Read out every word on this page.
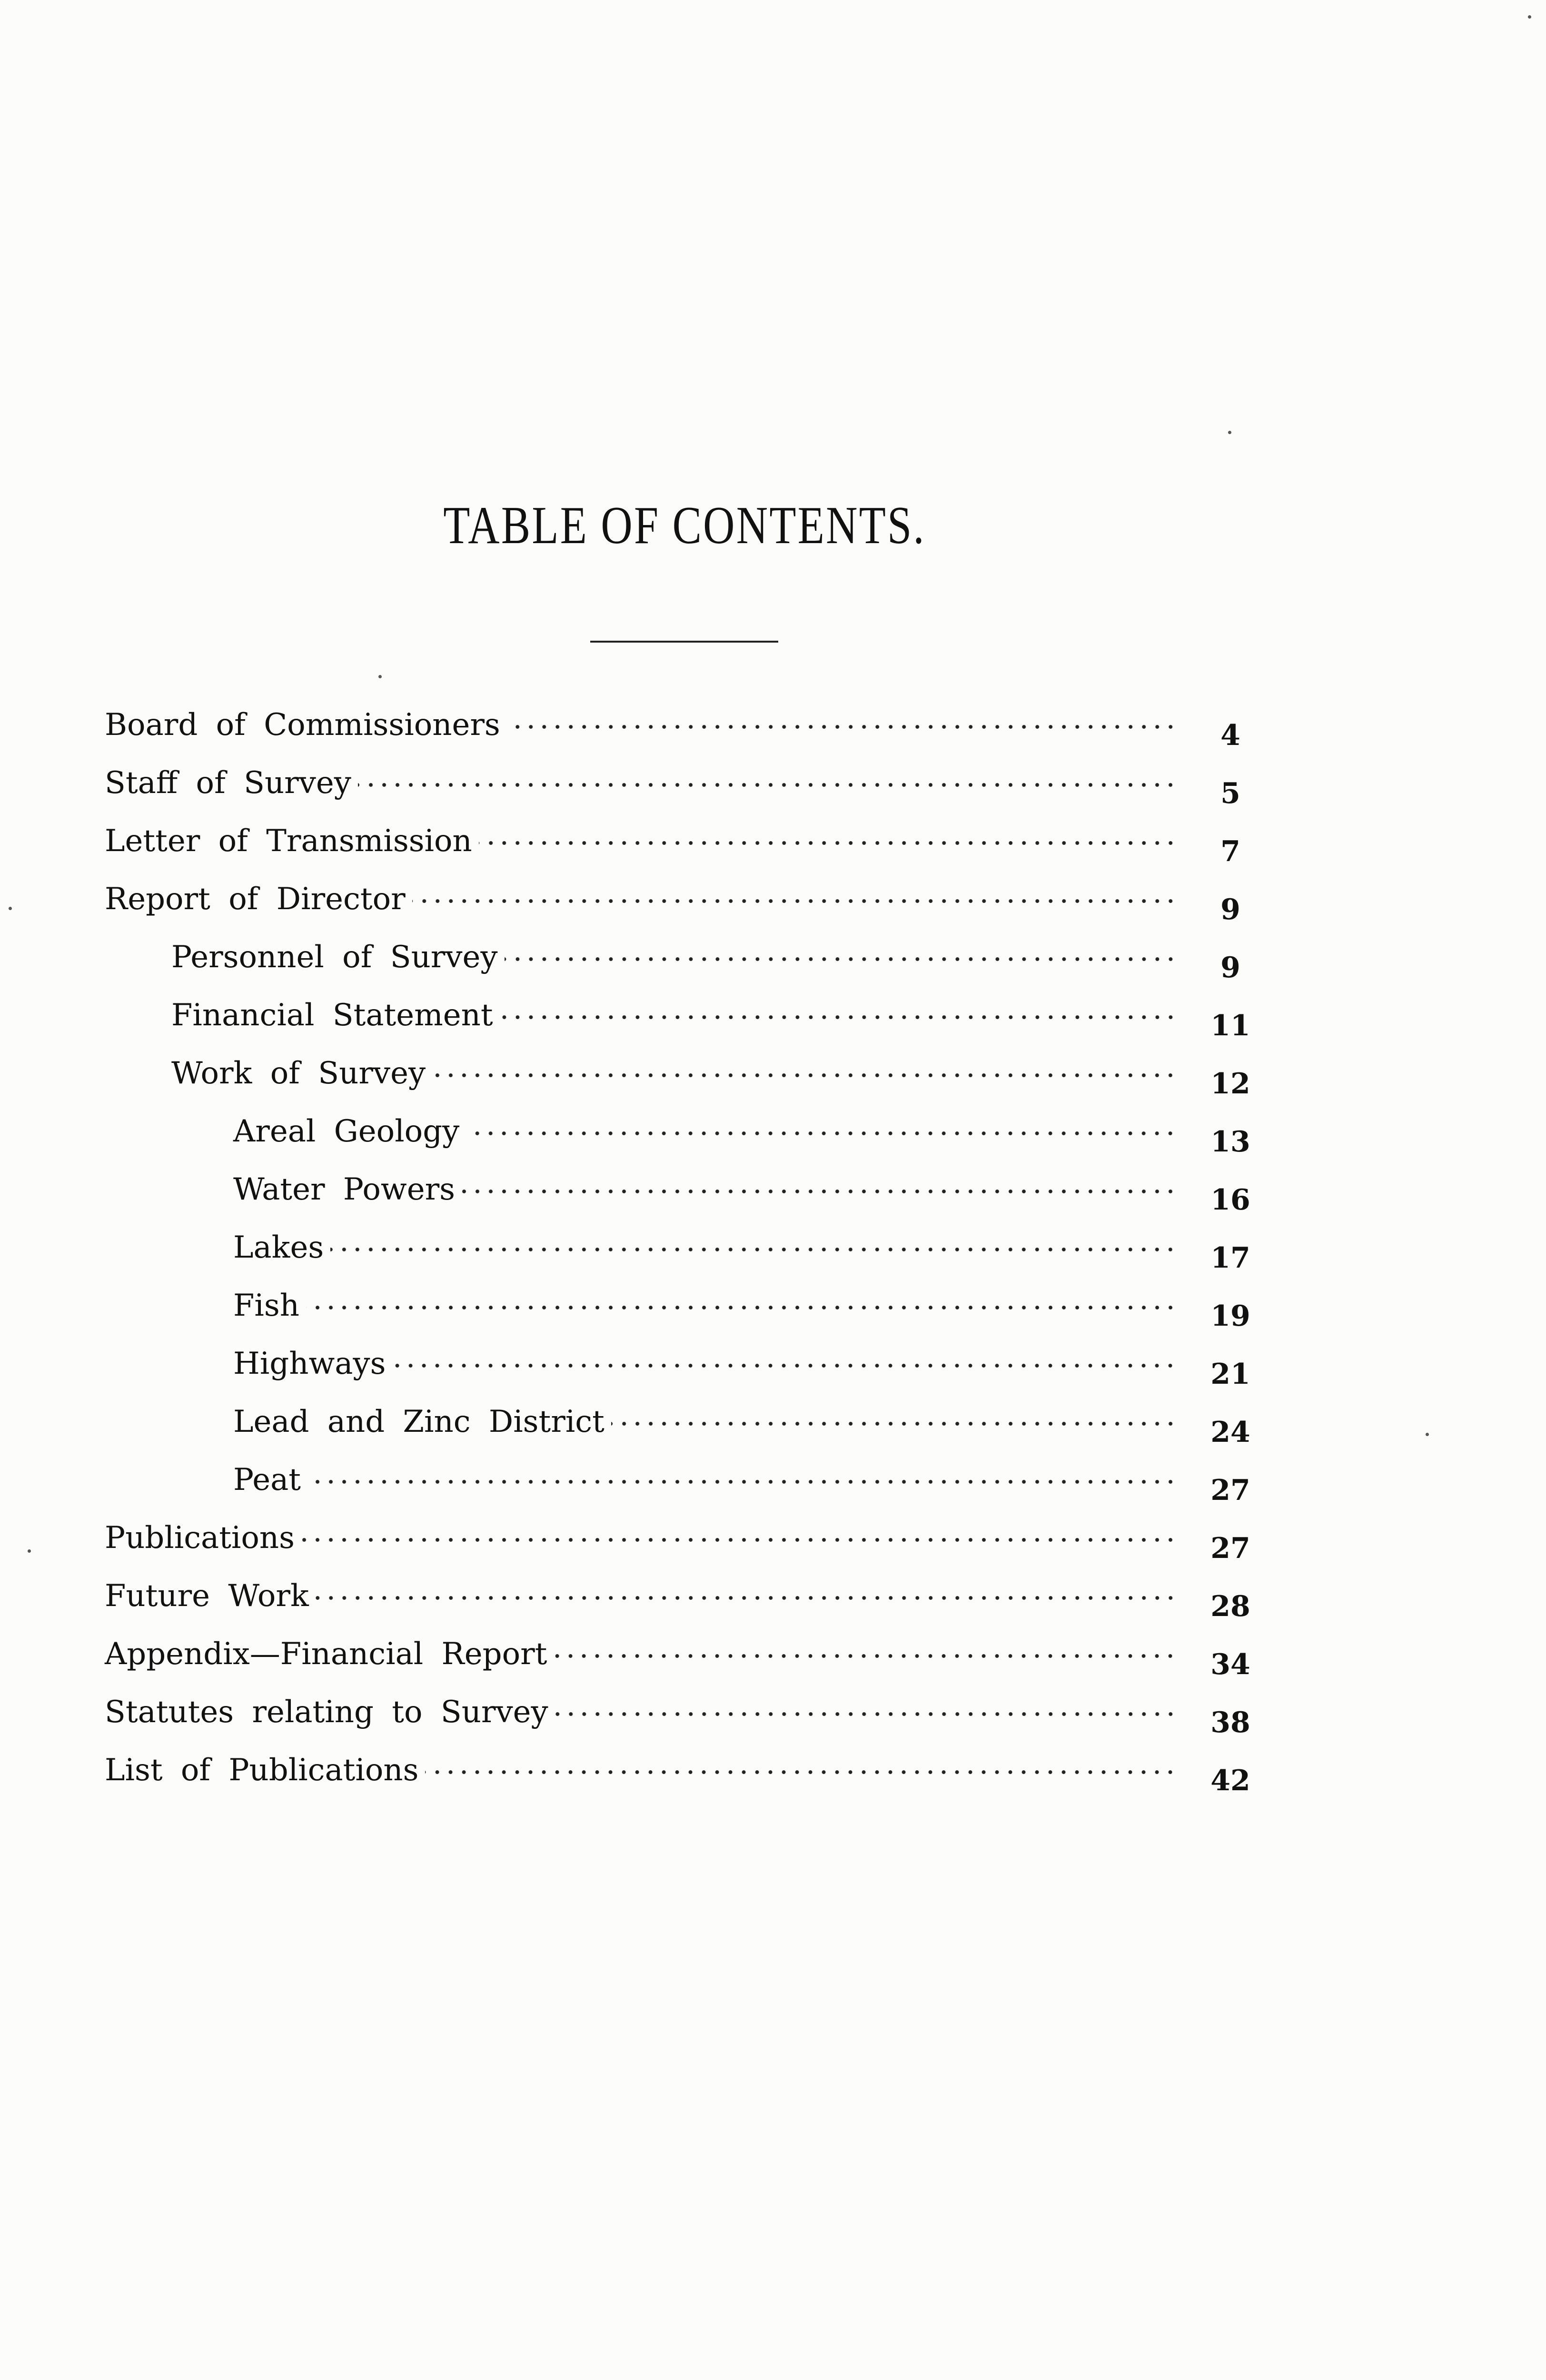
TABLE OF CONTENTS.
Board of Commissioners	4
Staff of Survey	5
Letter of Transmission	7
Report of Director	9
Personnel of Survey	9
Financial Statement	11
Work of Survey	12
Areal Geology	13
Water Powers	16
Lakes	17
Fish	19
Highways	21
Lead and Zinc District	24
Peat	27
Publications	27
Future Work	28
Appendix—Financial Report	34
Statutes relating to Survey	38
List of Publications	42
